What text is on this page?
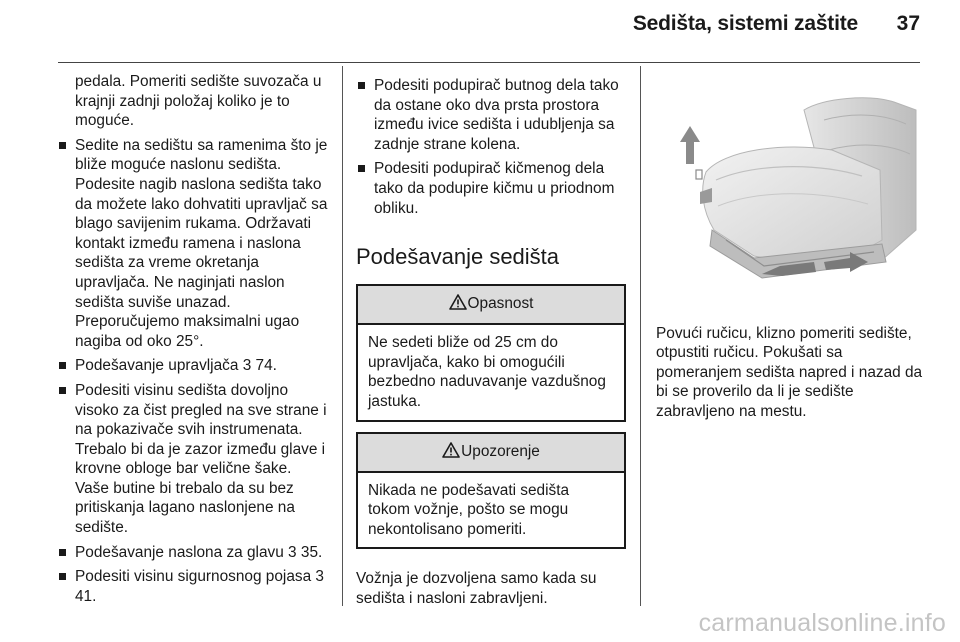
Sedišta, sistemi zaštite 37
pedala. Pomeriti sedište suvozača u krajnji zadnji položaj koliko je to moguće.
Sedite na sedištu sa ramenima što je bliže moguće naslonu sedišta. Podesite nagib naslona sedišta tako da možete lako dohvatiti upravljač sa blago savijenim rukama. Održavati kontakt između ramena i naslona sedišta za vreme okretanja upravljača. Ne naginjati naslon sedišta suviše unazad. Preporučujemo maksimalni ugao nagiba od oko 25°.
Podešavanje upravljača 3 74.
Podesiti visinu sedišta dovoljno visoko za čist pregled na sve strane i na pokazivače svih instrumenata. Trebalo bi da je zazor između glave i krovne obloge bar velične šake. Vaše butine bi trebalo da su bez pritiskanja lagano naslonjene na sedište.
Podešavanje naslona za glavu 3 35.
Podesiti visinu sigurnosnog pojasa 3 41.
Podesiti podupirač butnog dela tako da ostane oko dva prsta prostora između ivice sedišta i udubljenja sa zadnje strane kolena.
Podesiti podupirač kičmenog dela tako da podupire kičmu u priodnom obliku.
Podešavanje sedišta
Opasnost
Ne sedeti bliže od 25 cm do upravljača, kako bi omogućili bezbedno naduvavanje vazdušnog jastuka.
Upozorenje
Nikada ne podešavati sedišta tokom vožnje, pošto se mogu nekontolisano pomeriti.
Vožnja je dozvoljena samo kada su sedišta i nasloni zabravljeni.
Povući ručicu, klizno pomeriti sedište, otpustiti ručicu. Pokušati sa pomeranjem sedišta napred i nazad da bi se proverilo da li je sedište zabravljeno na mestu.
carmanualsonline.info
